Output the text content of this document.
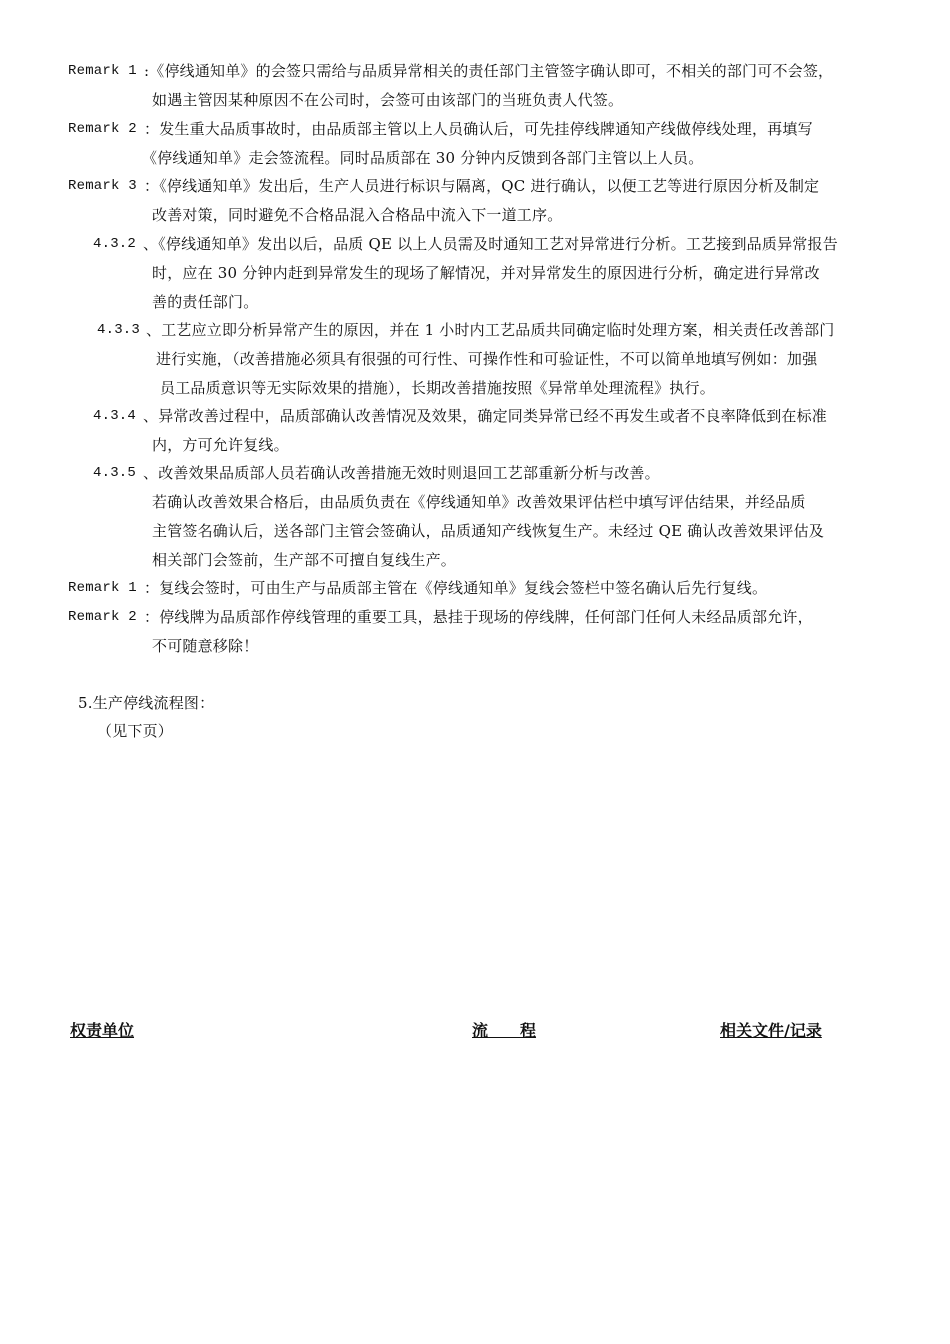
Remark 1 :《停线通知单》的会签只需给与品质异常相关的责任部门主管签字确认即可，不相关的部门可不会签，
如遇主管因某种原因不在公司时，会签可由该部门的当班负责人代签。
Remark 2 ：发生重大品质事故时，由品质部主管以上人员确认后，可先挂停线牌通知产线做停线处理，再填写
《停线通知单》走会签流程。同时品质部在 30 分钟内反馈到各部门主管以上人员。
Remark 3 ：《停线通知单》发出后，生产人员进行标识与隔离，QC 进行确认，以便工艺等进行原因分析及制定
改善对策，同时避免不合格品混入合格品中流入下一道工序。
4.3.2 、《停线通知单》发出以后，品质 QE 以上人员需及时通知工艺对异常进行分析。工艺接到品质异常报告
时，应在 30 分钟内赶到异常发生的现场了解情况，并对异常发生的原因进行分析，确定进行异常改
善的责任部门。
4.3.3 、工艺应立即分析异常产生的原因，并在 1 小时内工艺品质共同确定临时处理方案，相关责任改善部门
进行实施，（改善措施必须具有很强的可行性、可操作性和可验证性，不可以简单地填写例如：加强
员工品质意识等无实际效果的措施），长期改善措施按照《异常单处理流程》执行。
4.3.4 、异常改善过程中，品质部确认改善情况及效果，确定同类异常已经不再发生或者不良率降低到在标准
内，方可允许复线。
4.3.5 、改善效果品质部人员若确认改善措施无效时则退回工艺部重新分析与改善。
若确认改善效果合格后，由品质负责在《停线通知单》改善效果评估栏中填写评估结果，并经品质
主管签名确认后，送各部门主管会签确认，品质通知产线恢复生产。未经过 QE 确认改善效果评估及
相关部门会签前，生产部不可擅自复线生产。
Remark 1 ：复线会签时，可由生产与品质部主管在《停线通知单》复线会签栏中签名确认后先行复线。
Remark 2 ：停线牌为品质部作停线管理的重要工具，悬挂于现场的停线牌，任何部门任何人未经品质部允许，
不可随意移除！
5.生产停线流程图：
（见下页）
权责单位	流　　程	相关文件/记录
